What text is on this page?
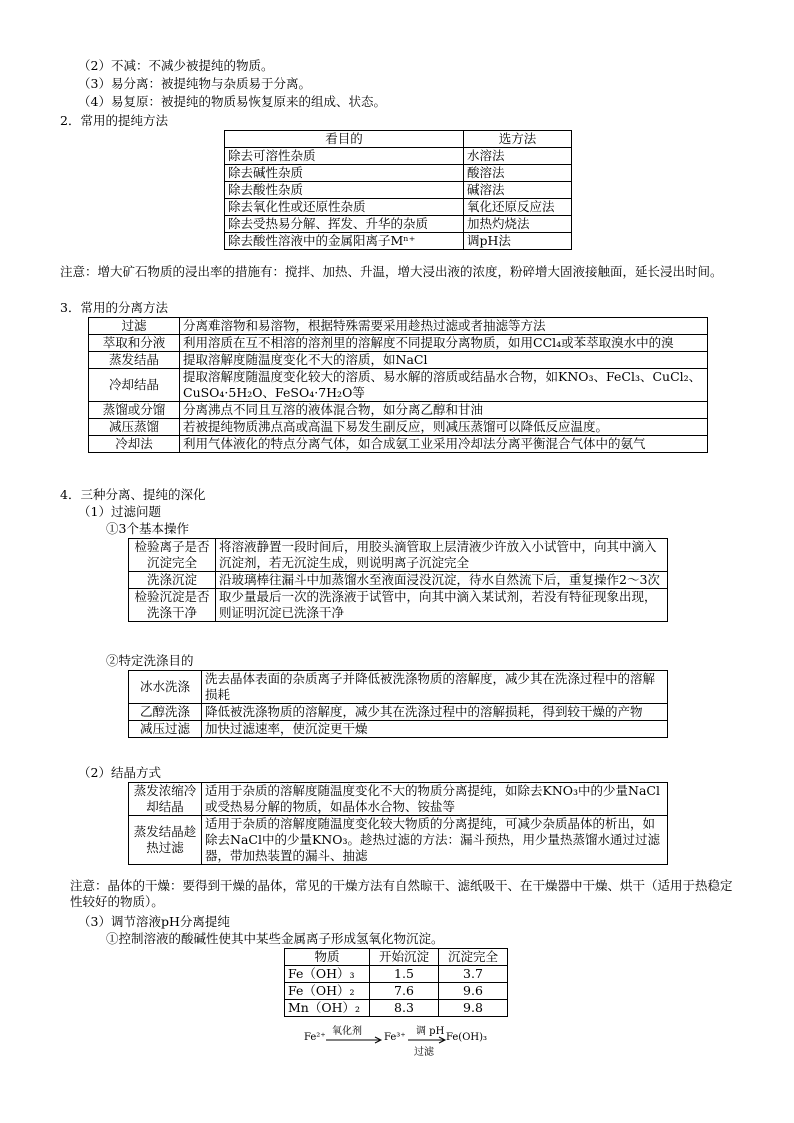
（2）不减：不减少被提纯的物质。
（3）易分离：被提纯物与杂质易于分离。
（4）易复原：被提纯的物质易恢复原来的组成、状态。
2．常用的提纯方法
看目的	选方法
除去可溶性杂质	水溶法
除去碱性杂质	酸溶法
除去酸性杂质	碱溶法
除去氧化性或还原性杂质	氧化还原反应法
除去受热易分解、挥发、升华的杂质	加热灼烧法
除去酸性溶液中的金属阳离子Mⁿ⁺	调pH法
注意：增大矿石物质的浸出率的措施有：搅拌、加热、升温，增大浸出液的浓度，粉碎增大固液接触面，延长浸出时间。
3．常用的分离方法
过滤	分离难溶物和易溶物，根据特殊需要采用趁热过滤或者抽滤等方法
萃取和分液	利用溶质在互不相溶的溶剂里的溶解度不同提取分离物质，如用CCl₄或苯萃取溴水中的溴
蒸发结晶	提取溶解度随温度变化不大的溶质，如NaCl
冷却结晶	提取溶解度随温度变化较大的溶质、易水解的溶质或结晶水合物，如KNO₃、FeCl₃、CuCl₂、CuSO₄·5H₂O、FeSO₄·7H₂O等
蒸馏或分馏	分离沸点不同且互溶的液体混合物，如分离乙醇和甘油
减压蒸馏	若被提纯物质沸点高或高温下易发生副反应，则减压蒸馏可以降低反应温度。
冷却法	利用气体液化的特点分离气体，如合成氨工业采用冷却法分离平衡混合气体中的氨气
4．三种分离、提纯的深化
（1）过滤问题
①3个基本操作
检验离子是否沉淀完全	将溶液静置一段时间后，用胶头滴管取上层清液少许放入小试管中，向其中滴入沉淀剂，若无沉淀生成，则说明离子沉淀完全
洗涤沉淀	沿玻璃棒往漏斗中加蒸馏水至液面浸没沉淀，待水自然流下后，重复操作2～3次
检验沉淀是否洗涤干净	取少量最后一次的洗涤液于试管中，向其中滴入某试剂，若没有特征现象出现，则证明沉淀已洗涤干净
②特定洗涤目的
冰水洗涤	洗去晶体表面的杂质离子并降低被洗涤物质的溶解度，减少其在洗涤过程中的溶解损耗
乙醇洗涤	降低被洗涤物质的溶解度，减少其在洗涤过程中的溶解损耗，得到较干燥的产物
减压过滤	加快过滤速率，使沉淀更干燥
（2）结晶方式
蒸发浓缩冷却结晶	适用于杂质的溶解度随温度变化不大的物质分离提纯，如除去KNO₃中的少量NaCl或受热易分解的物质，如晶体水合物、铵盐等
蒸发结晶趁热过滤	适用于杂质的溶解度随温度变化较大物质的分离提纯，可减少杂质晶体的析出，如除去NaCl中的少量KNO₃。趁热过滤的方法：漏斗预热，用少量热蒸馏水通过过滤器，带加热装置的漏斗、抽滤
注意：晶体的干燥：要得到干燥的晶体，常见的干燥方法有自然晾干、滤纸吸干、在干燥器中干燥、烘干（适用于热稳定性较好的物质）。
（3）调节溶液pH分离提纯
①控制溶液的酸碱性使其中某些金属离子形成氢氧化物沉淀。
物质	开始沉淀	沉淀完全
Fe（OH）₃	1.5	3.7
Fe（OH）₂	7.6	9.6
Mn（OH）₂	8.3	9.8
Fe²⁺
氧化剂
Fe³⁺
调 pH
过滤
Fe(OH)₃
